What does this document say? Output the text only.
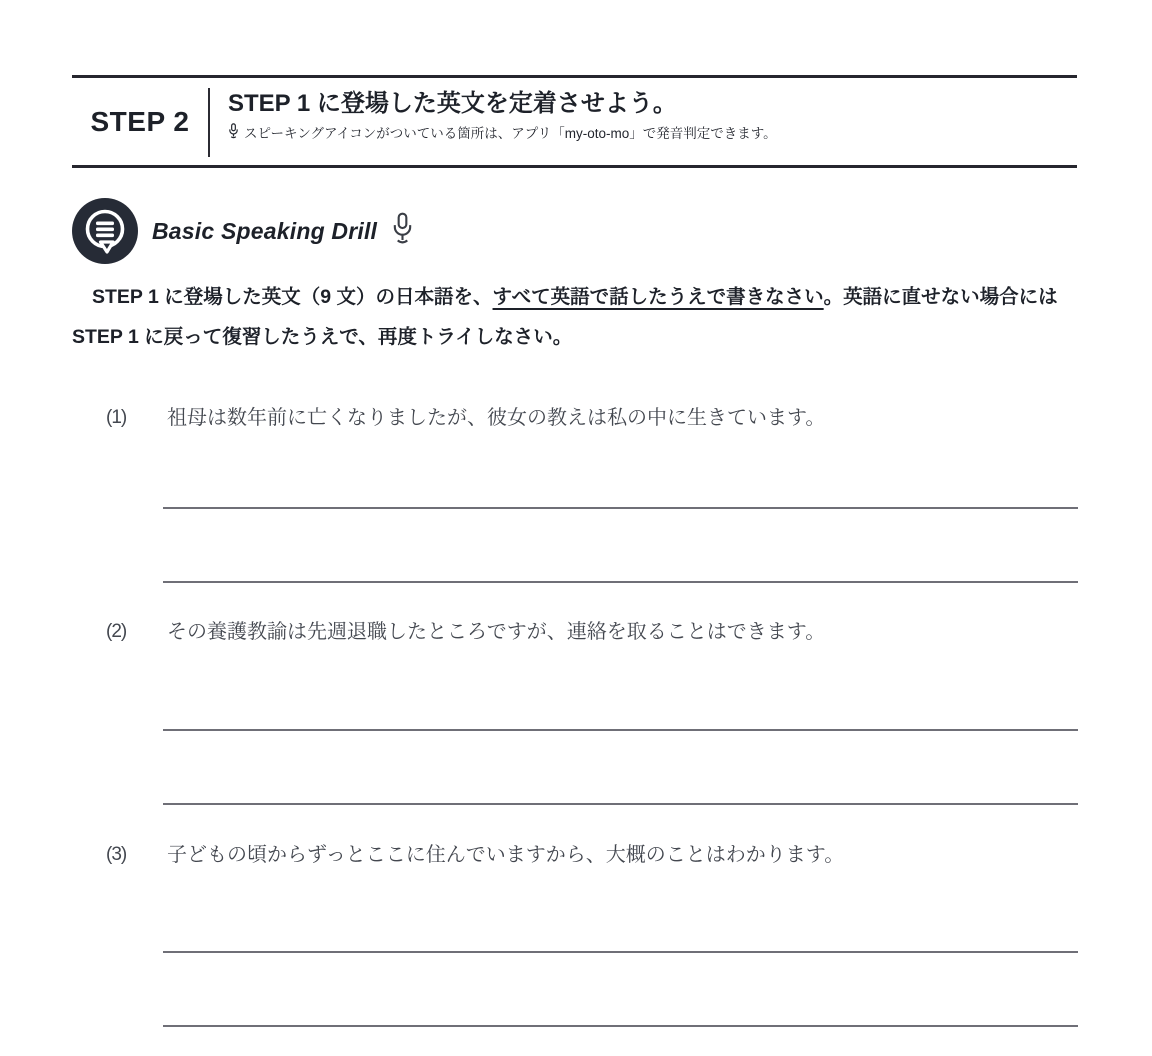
STEP 2

STEP 1 に登場した英文を定着させよう。

スピーキングアイコンがついている箇所は、アプリ「my-oto-mo」で発音判定できます。
Basic Speaking Drill

STEP 1 に登場した英文（9 文）の日本語を、すべて英語で話したうえで書きなさい。英語に直せない場合には STEP 1 に戻って復習したうえで、再度トライしなさい。

(1)	祖母は数年前に亡くなりましたが、彼女の教えは私の中に生きています。
(2)	その養護教諭は先週退職したところですが、連絡を取ることはできます。
(3)	子どもの頃からずっとここに住んでいますから、大概のことはわかります。
